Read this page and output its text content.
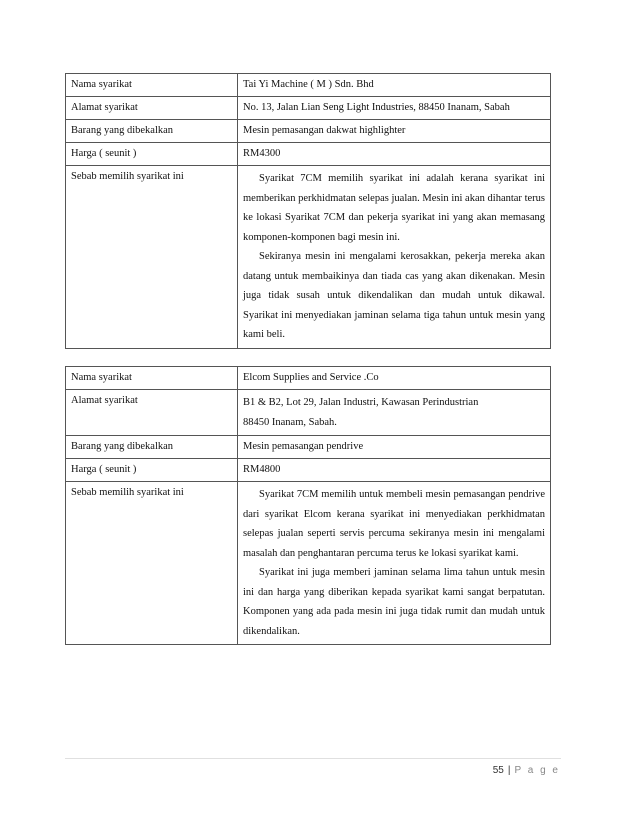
Nama syarikat	Tai Yi Machine ( M ) Sdn. Bhd
Alamat syarikat	No. 13, Jalan Lian Seng Light Industries, 88450 Inanam, Sabah
Barang yang dibekalkan	Mesin pemasangan dakwat highlighter
Harga ( seunit )	RM4300
Sebab memilih syarikat ini	Syarikat 7CM memilih syarikat ini adalah kerana syarikat ini memberikan perkhidmatan selepas jualan. Mesin ini akan dihantar terus ke lokasi Syarikat 7CM dan pekerja syarikat ini yang akan memasang komponen-komponen bagi mesin ini.
Sekiranya mesin ini mengalami kerosakkan, pekerja mereka akan datang untuk membaikinya dan tiada cas yang akan dikenakan. Mesin juga tidak susah untuk dikendalikan dan mudah untuk dikawal. Syarikat ini menyediakan jaminan selama tiga tahun untuk mesin yang kami beli.
Nama syarikat	Elcom Supplies and Service .Co
Alamat syarikat	B1 & B2, Lot 29, Jalan Industri, Kawasan Perindustrian
88450 Inanam, Sabah.

Barang yang dibekalkan	Mesin pemasangan pendrive
Harga ( seunit )	RM4800
Sebab memilih syarikat ini	Syarikat 7CM memilih untuk membeli mesin pemasangan pendrive dari syarikat Elcom kerana syarikat ini menyediakan perkhidmatan selepas jualan seperti servis percuma sekiranya mesin ini mengalami masalah dan penghantaran percuma terus ke lokasi syarikat kami.
Syarikat ini juga memberi jaminan selama lima tahun untuk mesin ini dan harga yang diberikan kepada syarikat kami sangat berpatutan. Komponen yang ada pada mesin ini juga tidak rumit dan mudah untuk dikendalikan.
55 | P a g e
